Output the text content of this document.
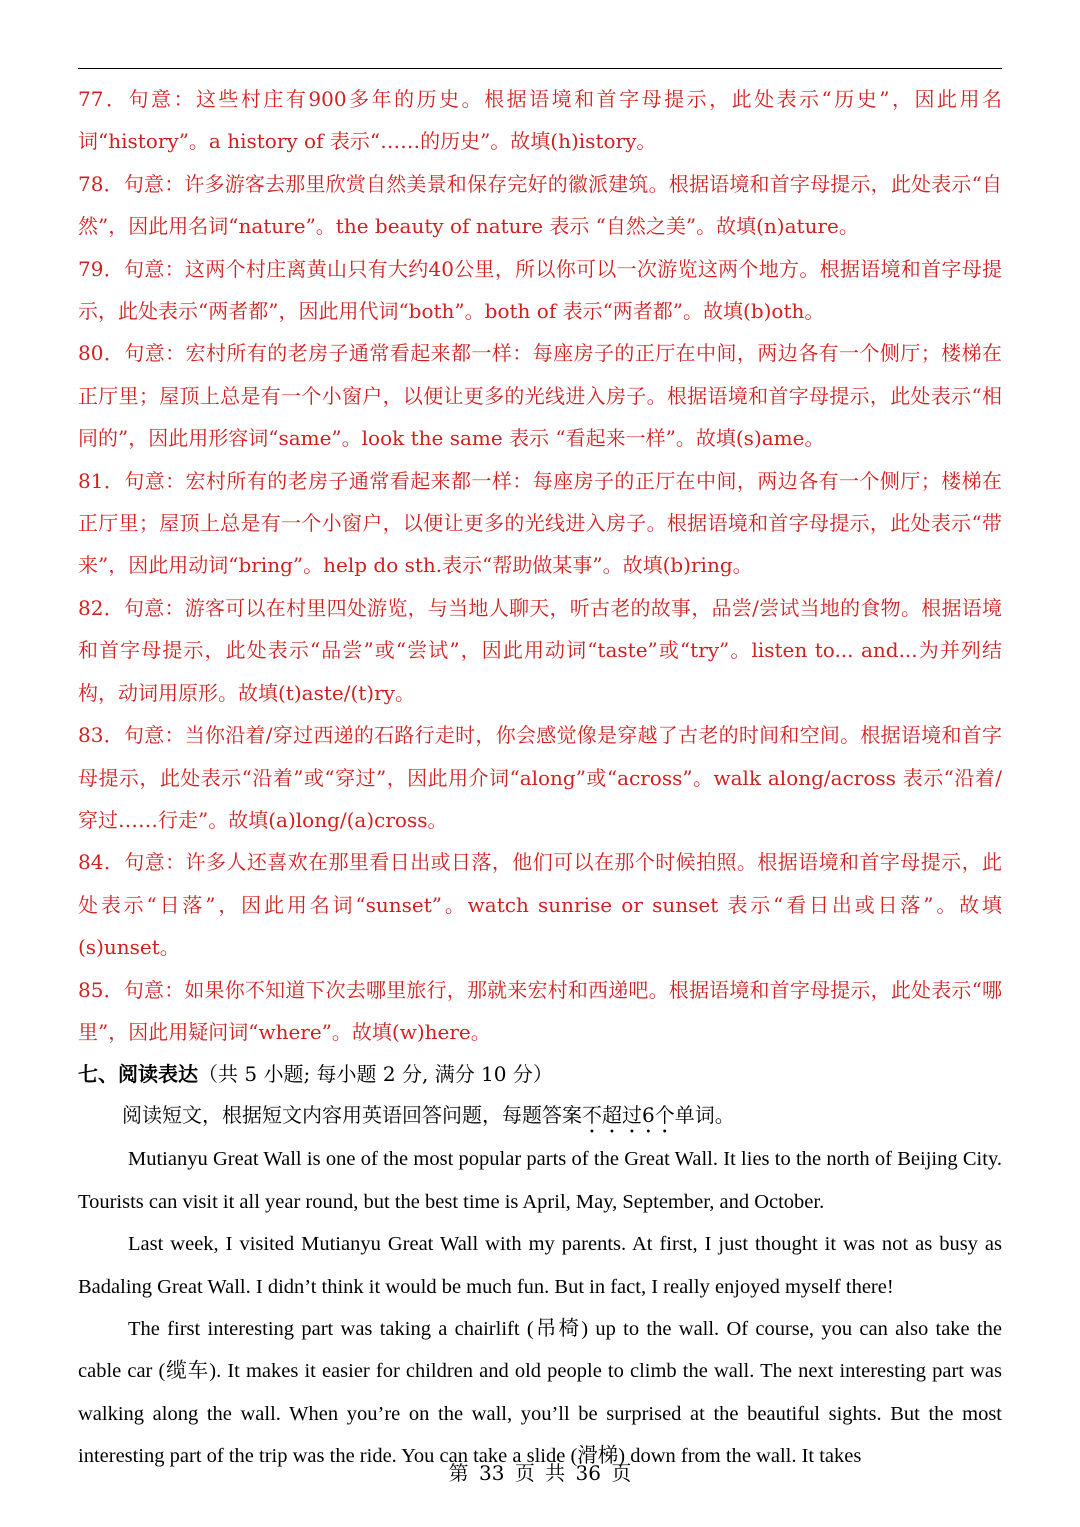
77．句意：这些村庄有900多年的历史。根据语境和首字母提示，此处表示“历史”，因此用名词“history”。a history of 表示“……的历史”。故填(h)istory。

78．句意：许多游客去那里欣赏自然美景和保存完好的徽派建筑。根据语境和首字母提示，此处表示“自然”，因此用名词“nature”。the beauty of nature 表示 “自然之美”。故填(n)ature。

79．句意：这两个村庄离黄山只有大约40公里，所以你可以一次游览这两个地方。根据语境和首字母提示，此处表示“两者都”，因此用代词“both”。both of 表示“两者都”。故填(b)oth。

80．句意：宏村所有的老房子通常看起来都一样：每座房子的正厅在中间，两边各有一个侧厅；楼梯在正厅里；屋顶上总是有一个小窗户，以便让更多的光线进入房子。根据语境和首字母提示，此处表示“相同的”，因此用形容词“same”。look the same 表示 “看起来一样”。故填(s)ame。

81．句意：宏村所有的老房子通常看起来都一样：每座房子的正厅在中间，两边各有一个侧厅；楼梯在正厅里；屋顶上总是有一个小窗户，以便让更多的光线进入房子。根据语境和首字母提示，此处表示“带来”，因此用动词“bring”。help do sth.表示“帮助做某事”。故填(b)ring。

82．句意：游客可以在村里四处游览，与当地人聊天，听古老的故事，品尝/尝试当地的食物。根据语境和首字母提示，此处表示“品尝”或“尝试”，因此用动词“taste”或“try”。listen to... and...为并列结构，动词用原形。故填(t)aste/(t)ry。

83．句意：当你沿着/穿过西递的石路行走时，你会感觉像是穿越了古老的时间和空间。根据语境和首字母提示，此处表示“沿着”或“穿过”，因此用介词“along”或“across”。walk along/across 表示“沿着/穿过……行走”。故填(a)long/(a)cross。

84．句意：许多人还喜欢在那里看日出或日落，他们可以在那个时候拍照。根据语境和首字母提示，此处表示“日落”，因此用名词“sunset”。watch sunrise or sunset 表示“看日出或日落”。故填(s)unset。

85．句意：如果你不知道下次去哪里旅行，那就来宏村和西递吧。根据语境和首字母提示，此处表示“哪里”，因此用疑问词“where”。故填(w)here。

七、阅读表达（共 5 小题; 每小题 2 分, 满分 10 分）

阅读短文，根据短文内容用英语回答问题，每题答案不超过6个单词。

Mutianyu Great Wall is one of the most popular parts of the Great Wall. It lies to the north of Beijing City. Tourists can visit it all year round, but the best time is April, May, September, and October.

Last week, I visited Mutianyu Great Wall with my parents. At first, I just thought it was not as busy as Badaling Great Wall. I didn’t think it would be much fun. But in fact, I really enjoyed myself there!

The first interesting part was taking a chairlift (吊椅) up to the wall. Of course, you can also take the cable car (缆车). It makes it easier for children and old people to climb the wall. The next interesting part was walking along the wall. When you’re on the wall, you’ll be surprised at the beautiful sights. But the most interesting part of the trip was the ride. You can take a slide (滑梯) down from the wall. It takes

第 33 页 共 36 页
